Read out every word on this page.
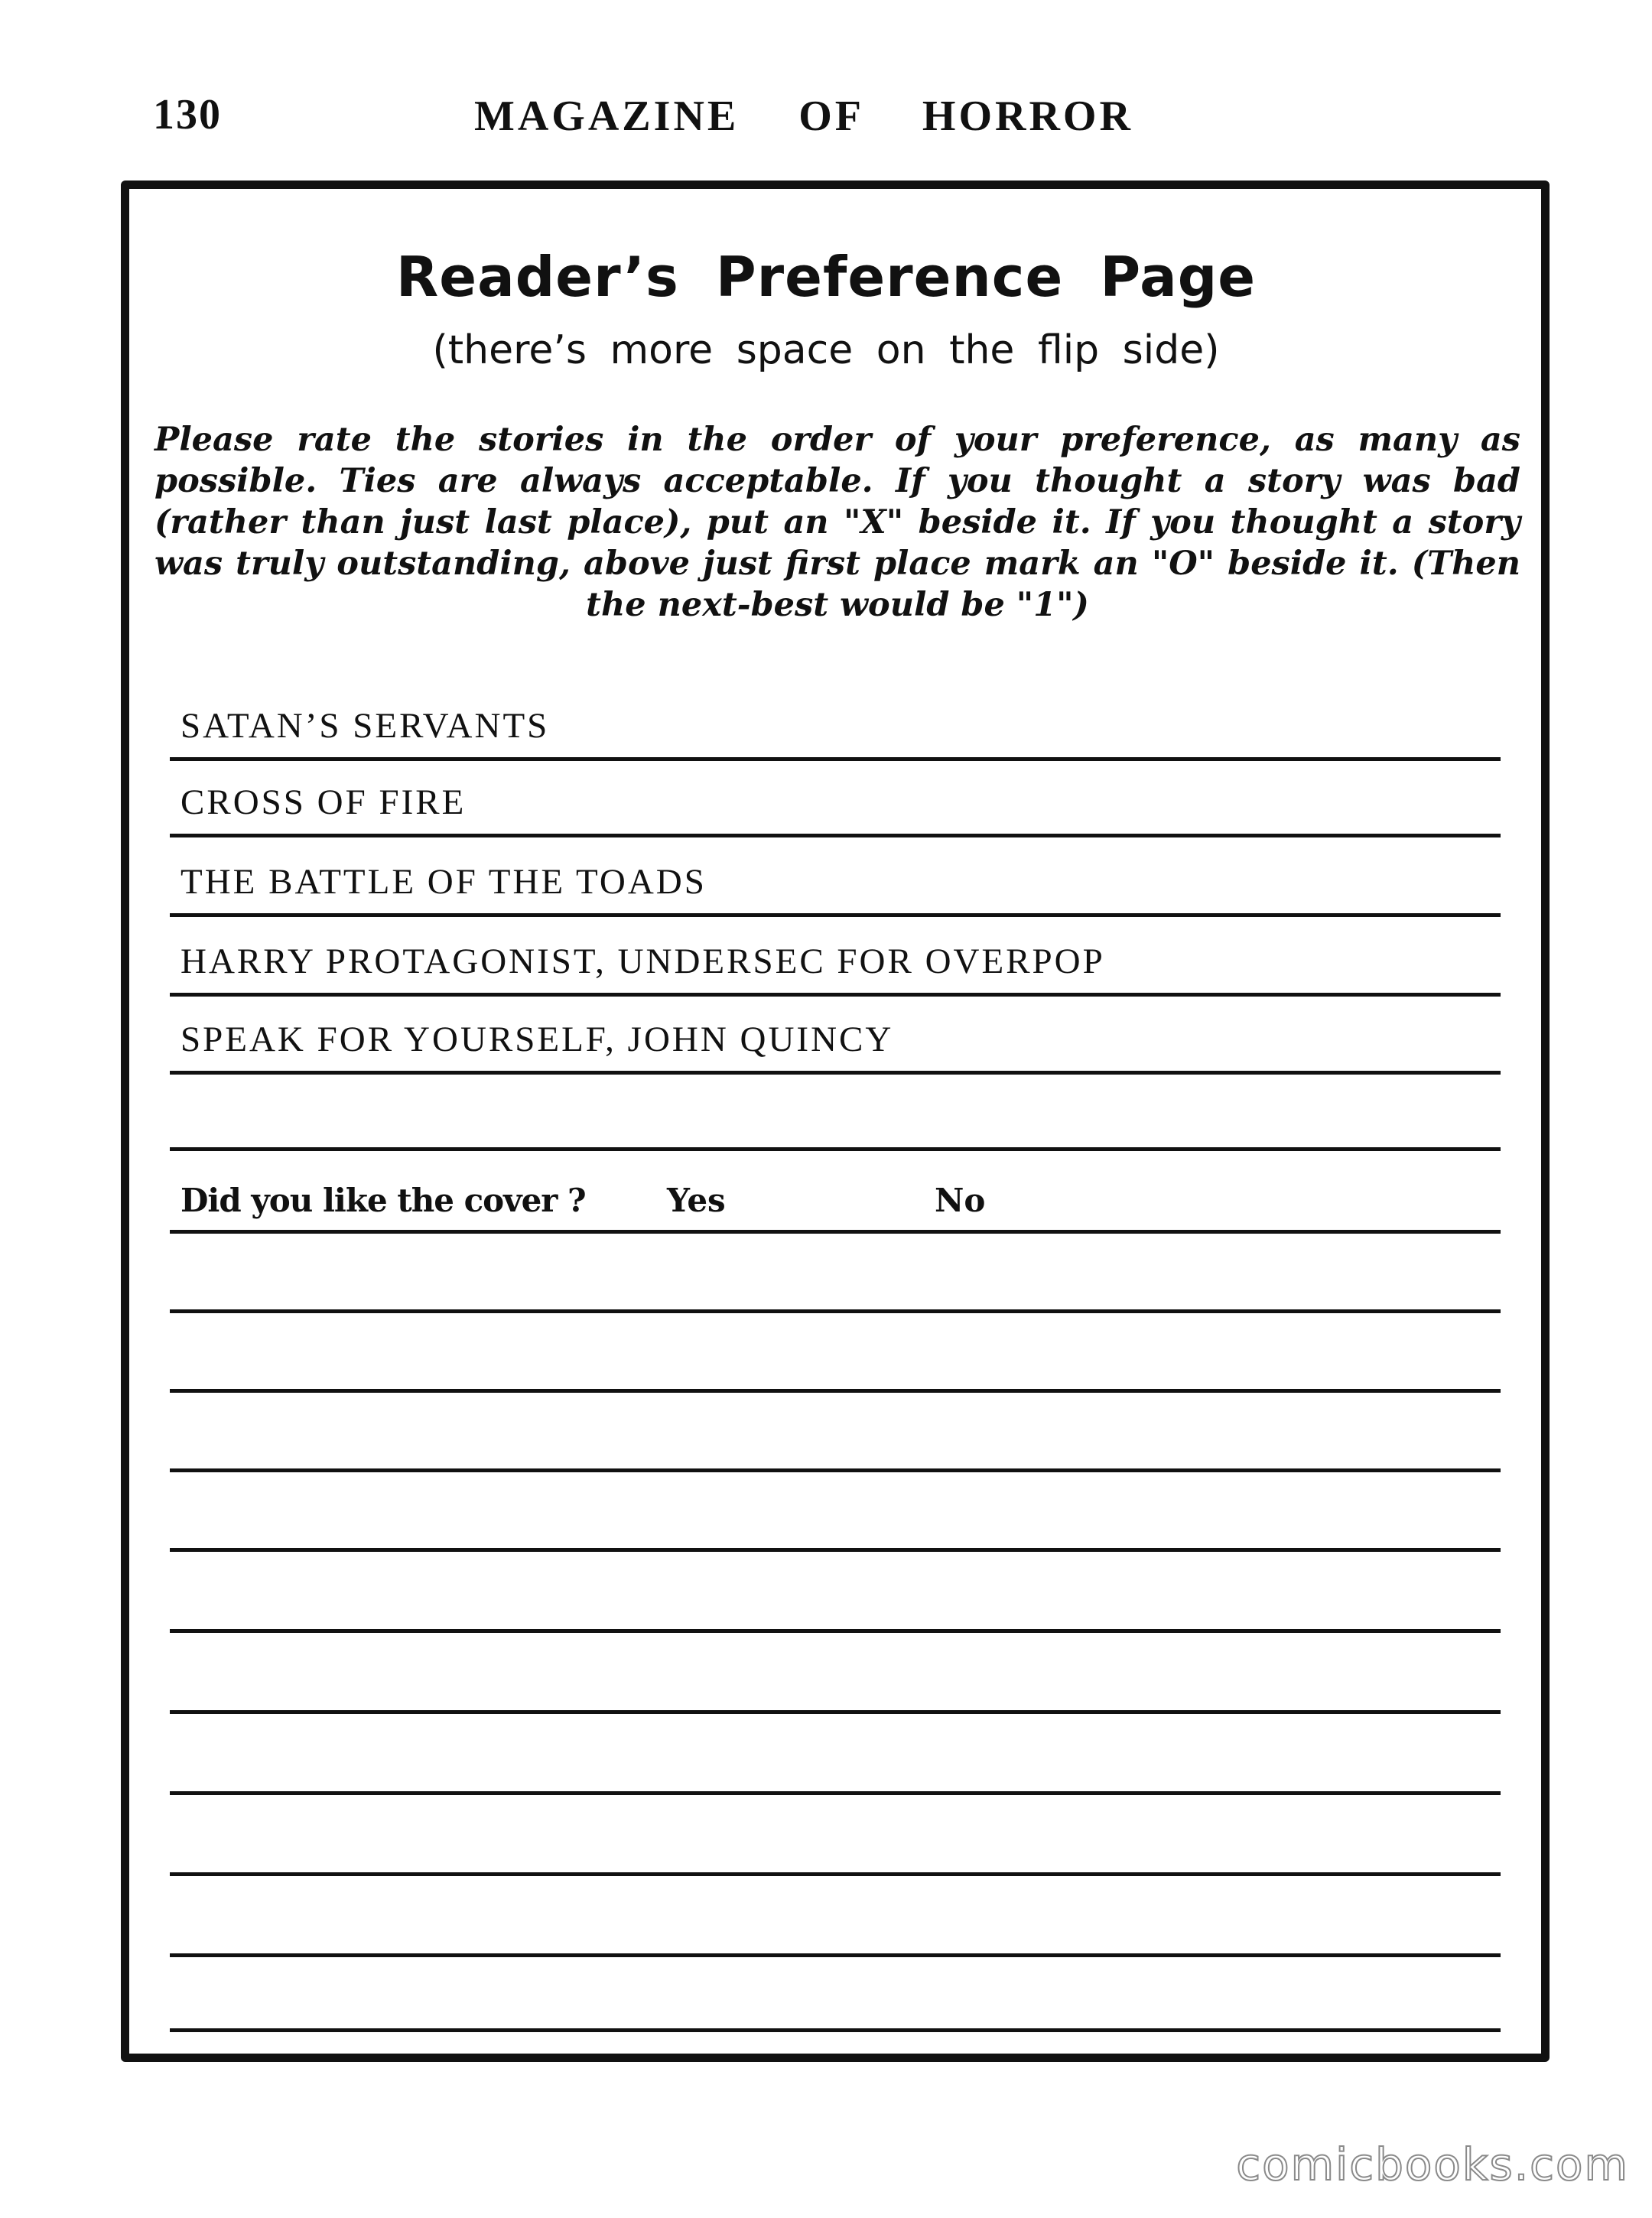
130	MAGAZINE OF HORROR
Reader’s Preference Page
(there’s more space on the flip side)
Please rate the stories in the order of your preference, as many as possible. Ties are always acceptable. If you thought a story was bad (rather than just last place), put an "X" beside it. If you thought a story was truly outstanding, above just first place mark an "O" beside it. (Then the next-best would be "1")
SATAN’S SERVANTS
CROSS OF FIRE
THE BATTLE OF THE TOADS
HARRY PROTAGONIST, UNDERSEC FOR OVERPOP
SPEAK FOR YOURSELF, JOHN QUINCY
Did you like the cover ?	Yes	No
comicbooks.com
